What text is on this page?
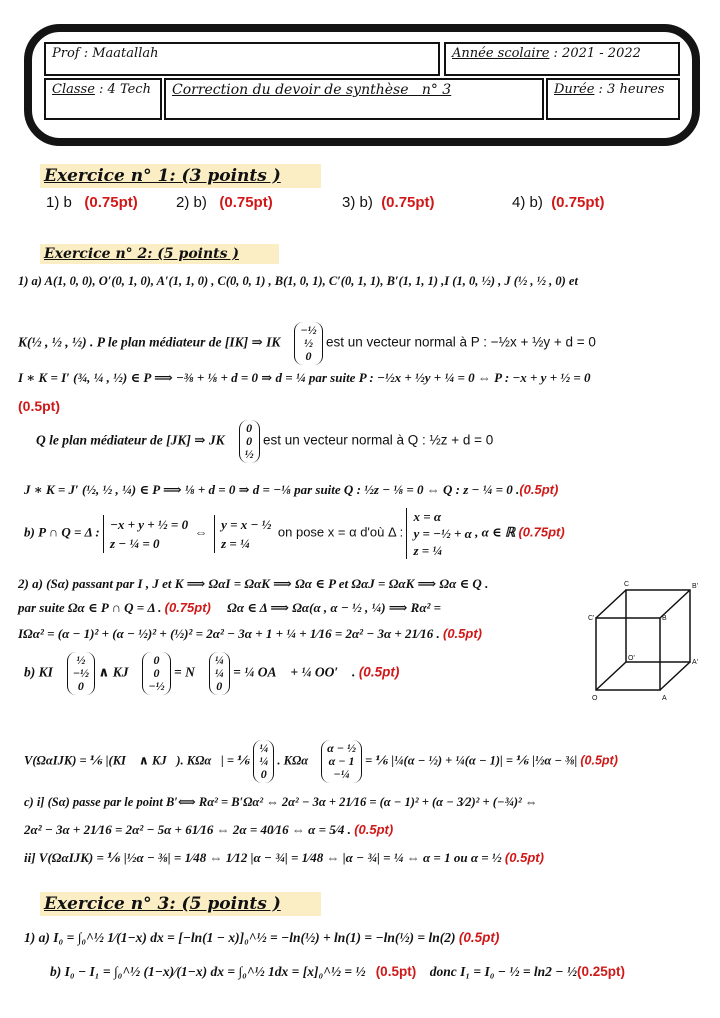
Prof : Maatallah	Année scolaire : 2021 - 2022
Classe : 4 Tech	Correction du devoir de synthèse   n° 3	Durée : 3 heures
Exercice n° 1: (3 points )
1) b (0.75pt)	2) b) (0.75pt)	3) b) (0.75pt)	4) b) (0.75pt)
Exercice n° 2: (5 points )
1) a) A(1, 0, 0), O′(0, 1, 0), A′(1, 1, 0) , C(0, 0, 1) , B(1, 0, 1), C′(0, 1, 1), B′(1, 1, 1) ,I (1, 0, ½) , J (½ , ½ , 0) et
K(½ , ½ , ½) . P le plan médiateur de [IK] ⇒ IK⃗
−½
½
0
est un vecteur normal à P : −½x + ½y + d = 0
I ∗ K = I′ (¾, ¼ , ½) ∈ P ⟹ −⅜ + ⅛ + d = 0 ⇒ d = ¼ par suite P : −½x + ½y + ¼ = 0 ⇔ P : −x + y + ½ = 0
(0.5pt)
Q le plan médiateur de [JK] ⇒ JK⃗
0
0
½
est un vecteur normal à Q : ½z + d = 0
J ∗ K = J′ (½, ½ , ¼) ∈ P ⟹ ⅛ + d = 0 ⇒ d = −⅛ par suite Q : ½z − ⅛ = 0 ⇔ Q : z − ¼ = 0 .(0.5pt)
b) P ∩ Q = Δ :
−x + y + ½ = 0
z − ¼ = 0
⇔
y = x − ½
z = ¼
on pose x = α d'où Δ :
x = α
y = −½ + α
z = ¼
, α ∈ ℝ (0.75pt)
2) a) (Sα) passant par I , J et K ⟹ ΩαI = ΩαK ⟹ Ωα ∈ P et ΩαJ = ΩαK ⟹ Ωα ∈ Q .
par suite Ωα ∈ P ∩ Q = Δ . (0.75pt) Ωα ∈ Δ ⟹ Ωα(α , α − ½ , ¼) ⟹ Rα² =
IΩα² = (α − 1)² + (α − ½)² + (½)² = 2α² − 3α + 1 + ¼ + 1⁄16 = 2α² − 3α + 21⁄16 . (0.5pt)
b) KI⃗
½
−½
0
∧ KJ⃗
0
0
−½
= N⃗
¼
¼
0
= ¼ OA⃗ + ¼ OO′⃗ . (0.5pt)
V(ΩαIJK) = ⅙ |(KI⃗ ∧ KJ⃗). KΩα⃗| = ⅙
¼
¼
0
. KΩα⃗
α − ½
α − 1
−¼
= ⅙ |¼(α − ½) + ¼(α − 1)| = ⅙ |½α − ⅜| (0.5pt)
c) i] (Sα) passe par le point B′⟺ Rα² = B′Ωα² ⇔ 2α² − 3α + 21⁄16 = (α − 1)² + (α − 3⁄2)² + (−¾)² ⇔
2α² − 3α + 21⁄16 = 2α² − 5α + 61⁄16 ⇔ 2α = 40⁄16 ⇔ α = 5⁄4 . (0.5pt)
ii] V(ΩαIJK) = ⅙ |½α − ⅜| = 1⁄48 ⇔ 1⁄12 |α − ¾| = 1⁄48 ⇔ |α − ¾| = ¼ ⇔ α = 1 ou α = ½ (0.5pt)
C	B'
C'	B
O'
A'
O	A
Exercice n° 3: (5 points )
1) a) I₀ = ∫₀^½ 1⁄(1−x) dx = [−ln(1 − x)]₀^½ = −ln(½) + ln(1) = −ln(½) = ln(2) (0.5pt)
b) I₀ − I₁ = ∫₀^½ (1−x)⁄(1−x) dx = ∫₀^½ 1dx = [x]₀^½ = ½ (0.5pt) donc I₁ = I₀ − ½ = ln2 − ½(0.25pt)
